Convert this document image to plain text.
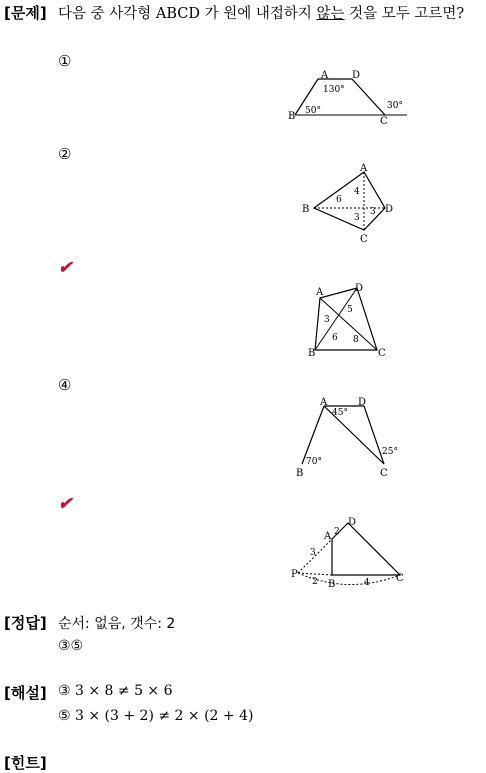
[문제] 다음 중 사각형 ABCD 가 원에 내접하지 않는 것을 모두 고르면?
①
A D
B	C
130°
50°	30°
②
A
B
C
D
4
6
3
3
✔
A	D
B	C
3
5
6 8
④
A	D
B	C
45°
25°
70°
✔
A
D
B
C
P
2
3
2	4
[정답] 순서: 없음, 갯수: 2
③⑤
[해설] ③ 3 × 8 ≠ 5 × 6
⑤ 3 × (3 + 2) ≠ 2 × (2 + 4)
[힌트]
